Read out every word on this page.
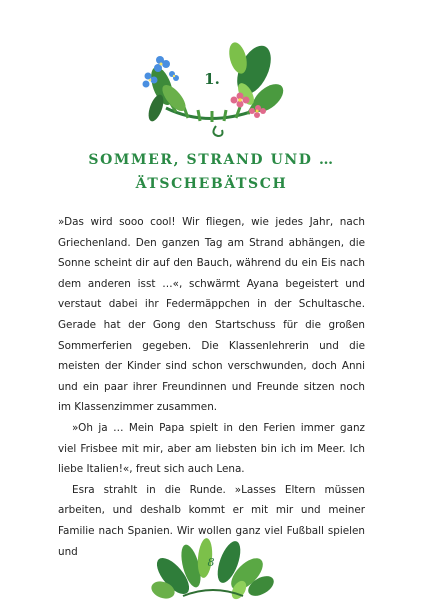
1.
SOMMER, STRAND UND …
ÄTSCHEBÄTSCH

»Das wird sooo cool! Wir fliegen, wie jedes Jahr, nach Griechenland. Den ganzen Tag am Strand abhängen, die Sonne scheint dir auf den Bauch, während du ein Eis nach dem anderen isst …«, schwärmt Ayana begeistert und verstaut dabei ihr Federmäppchen in der Schultasche. Gerade hat der Gong den Startschuss für die großen Sommerferien gegeben. Die Klassenlehrerin und die meisten der Kinder sind schon verschwunden, doch Anni und ein paar ihrer Freundinnen und Freunde sitzen noch im Klassenzimmer zusammen.

»Oh ja … Mein Papa spielt in den Ferien immer ganz viel Frisbee mit mir, aber am liebsten bin ich im Meer. Ich liebe Italien!«, freut sich auch Lena.

Esra strahlt in die Runde. »Lasses Eltern müssen arbeiten, und deshalb kommt er mit mir und meiner Familie nach Spanien. Wir wollen ganz viel Fußball spielen und

8
